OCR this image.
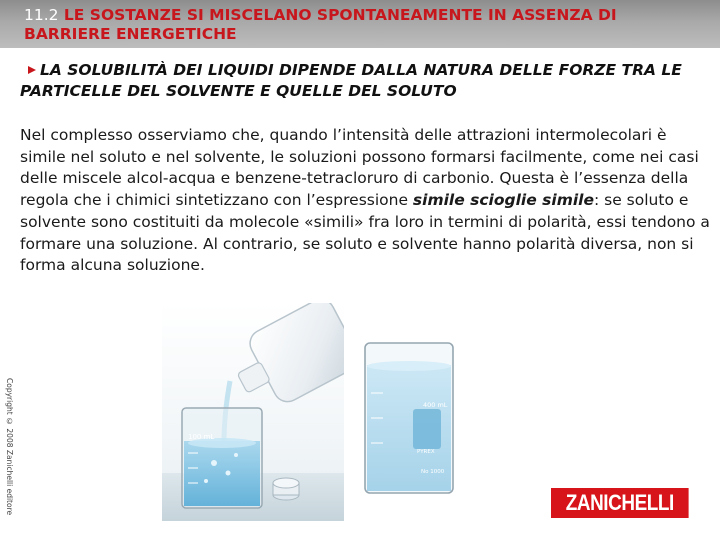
11.2 LE SOSTANZE SI MISCELANO SPONTANEAMENTE IN ASSENZA DI BARRIERE ENERGETICHE

LA SOLUBILITÀ DEI LIQUIDI DIPENDE DALLA NATURA DELLE FORZE TRA LE PARTICELLE DEL SOLVENTE E QUELLE DEL SOLUTO

Nel complesso osserviamo che, quando l’intensità delle attrazioni intermolecolari è simile nel soluto e nel solvente, le soluzioni possono formarsi facilmente, come nei casi delle miscele alcol-acqua e benzene-tetracloruro di carbonio. Questa è l’essenza della regola che i chimici sintetizzano con l’espressione simile scioglie simile: se soluto e solvente sono costituiti da molecole «simili» fra loro in termini di polarità, essi tendono a formare una soluzione. Al contrario, se soluto e solvente hanno polarità diversa, non si forma alcuna soluzione.

Copyright © 2008 Zanichelli editore	100 mL
400 mL
PYREX
No 1000
ZANICHELLI
